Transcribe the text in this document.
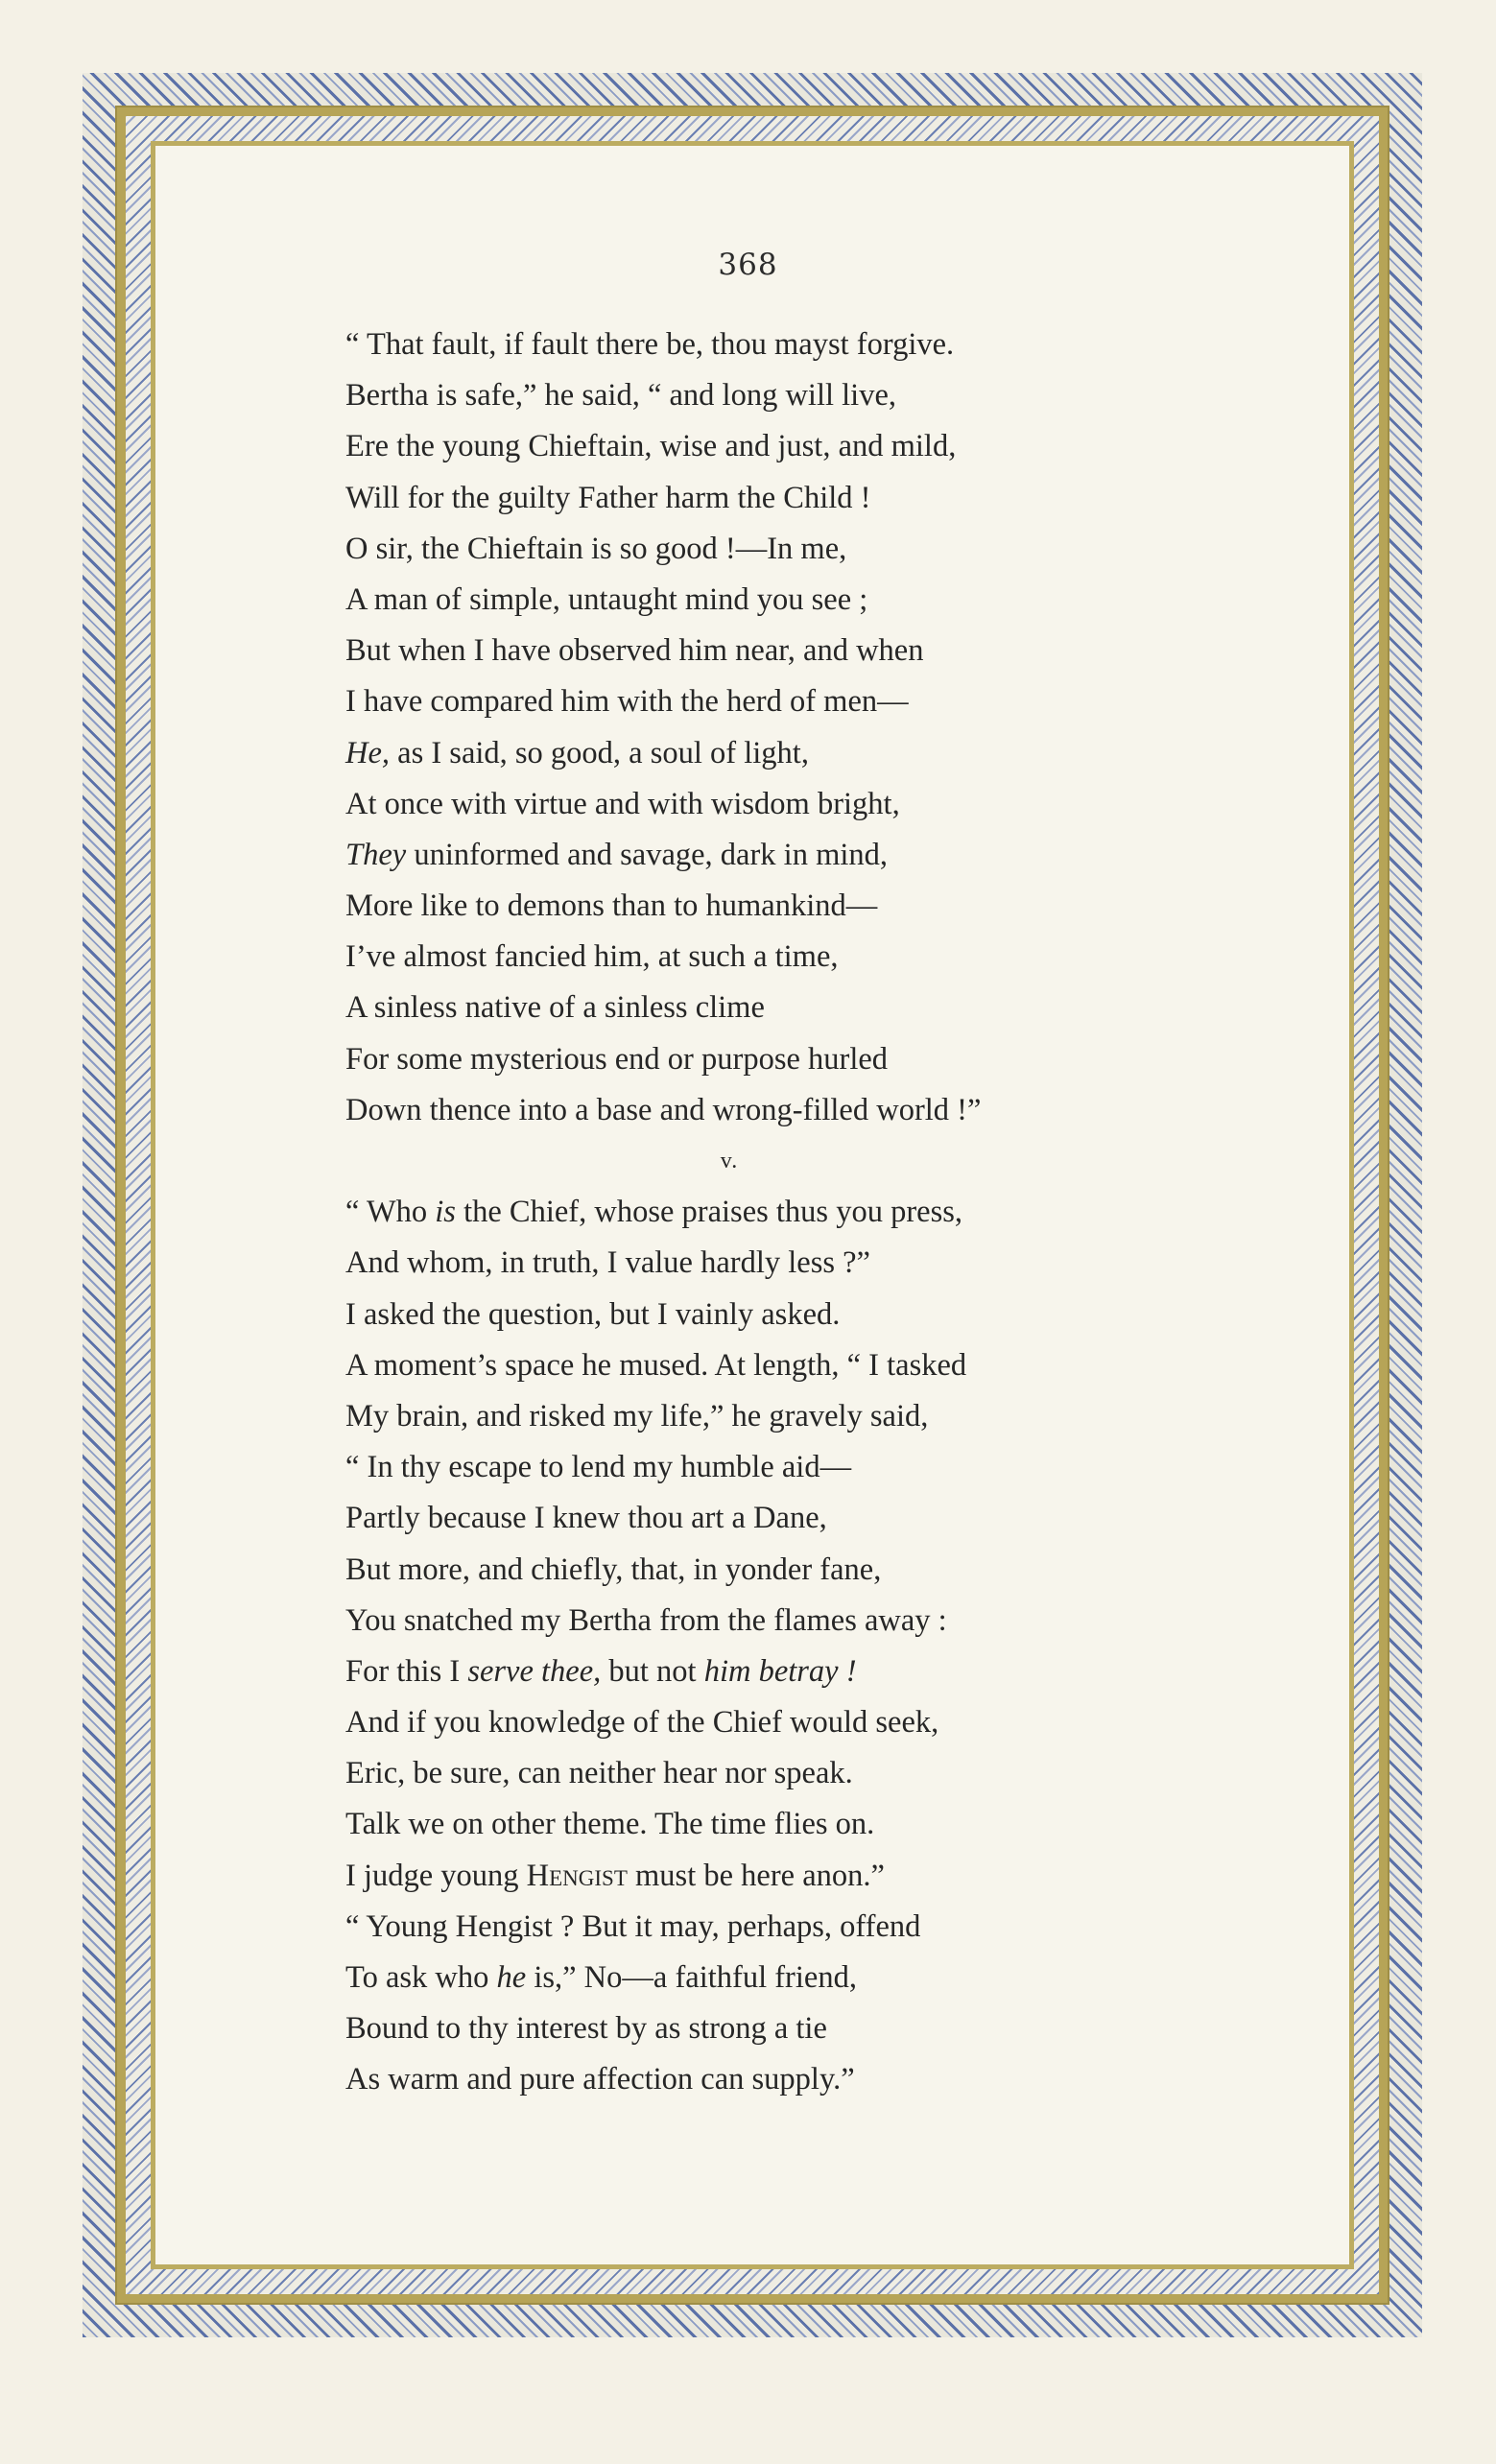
368
“ That fault, if fault there be, thou mayst forgive.
Bertha is safe,” he said, “ and long will live,
Ere the young Chieftain, wise and just, and mild,
Will for the guilty Father harm the Child !
O sir, the Chieftain is so good !—In me,
A man of simple, untaught mind you see ;
But when I have observed him near, and when
I have compared him with the herd of men—
He, as I said, so good, a soul of light,
At once with virtue and with wisdom bright,
They uninformed and savage, dark in mind,
More like to demons than to humankind—
I’ve almost fancied him, at such a time,
A sinless native of a sinless clime
For some mysterious end or purpose hurled
Down thence into a base and wrong-filled world !”
v.
“ Who is the Chief, whose praises thus you press,
And whom, in truth, I value hardly less ?”
I asked the question, but I vainly asked.
A moment’s space he mused. At length, “ I tasked
My brain, and risked my life,” he gravely said,
“ In thy escape to lend my humble aid—
Partly because I knew thou art a Dane,
But more, and chiefly, that, in yonder fane,
You snatched my Bertha from the flames away :
For this I serve thee, but not him betray !
And if you knowledge of the Chief would seek,
Eric, be sure, can neither hear nor speak.
Talk we on other theme. The time flies on.
I judge young Hengist must be here anon.”
“ Young Hengist ? But it may, perhaps, offend
To ask who he is,” No—a faithful friend,
Bound to thy interest by as strong a tie
As warm and pure affection can supply.”
